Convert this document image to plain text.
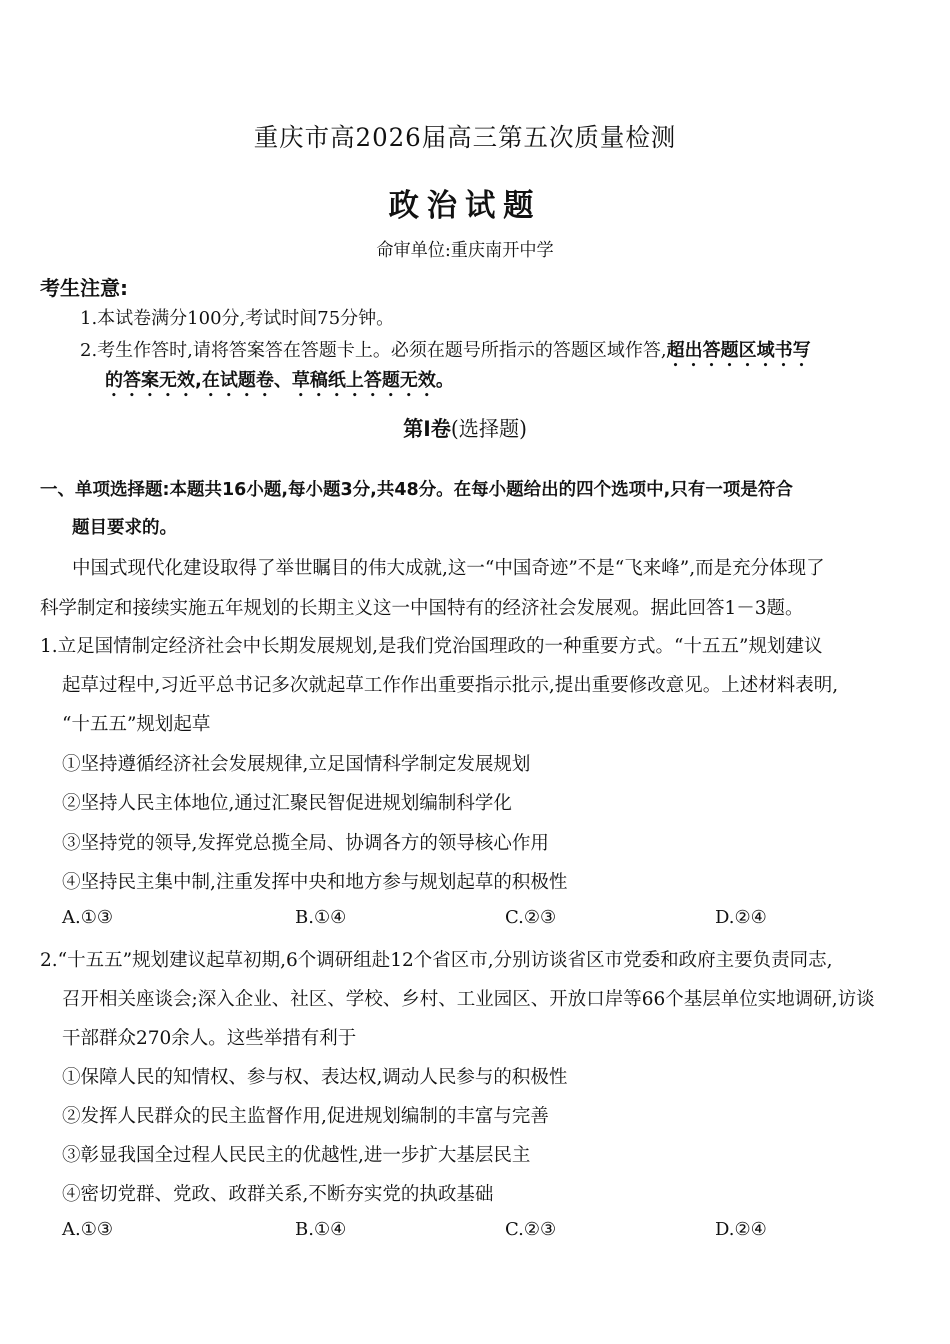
重庆市高2026届高三第五次质量检测
政治试题
命审单位:重庆南开中学
考生注意:
1.本试卷满分100分,考试时间75分钟。
2.考生作答时,请将答案答在答题卡上。必须在题号所指示的答题区域作答,超出答题区域书写
的答案无效,在试题卷、草稿纸上答题无效。
第Ⅰ卷(选择题)
一、单项选择题:本题共16小题,每小题3分,共48分。在每小题给出的四个选项中,只有一项是符合
题目要求的。
中国式现代化建设取得了举世瞩目的伟大成就,这一“中国奇迹”不是“飞来峰”,而是充分体现了
科学制定和接续实施五年规划的长期主义这一中国特有的经济社会发展观。据此回答1－3题。
1.立足国情制定经济社会中长期发展规划,是我们党治国理政的一种重要方式。“十五五”规划建议
起草过程中,习近平总书记多次就起草工作作出重要指示批示,提出重要修改意见。上述材料表明,
“十五五”规划起草
①坚持遵循经济社会发展规律,立足国情科学制定发展规划
②坚持人民主体地位,通过汇聚民智促进规划编制科学化
③坚持党的领导,发挥党总揽全局、协调各方的领导核心作用
④坚持民主集中制,注重发挥中央和地方参与规划起草的积极性
A.①③	B.①④	C.②③	D.②④
2.“十五五”规划建议起草初期,6个调研组赴12个省区市,分别访谈省区市党委和政府主要负责同志,
召开相关座谈会;深入企业、社区、学校、乡村、工业园区、开放口岸等66个基层单位实地调研,访谈
干部群众270余人。这些举措有利于
①保障人民的知情权、参与权、表达权,调动人民参与的积极性
②发挥人民群众的民主监督作用,促进规划编制的丰富与完善
③彰显我国全过程人民民主的优越性,进一步扩大基层民主
④密切党群、党政、政群关系,不断夯实党的执政基础
A.①③	B.①④	C.②③	D.②④
